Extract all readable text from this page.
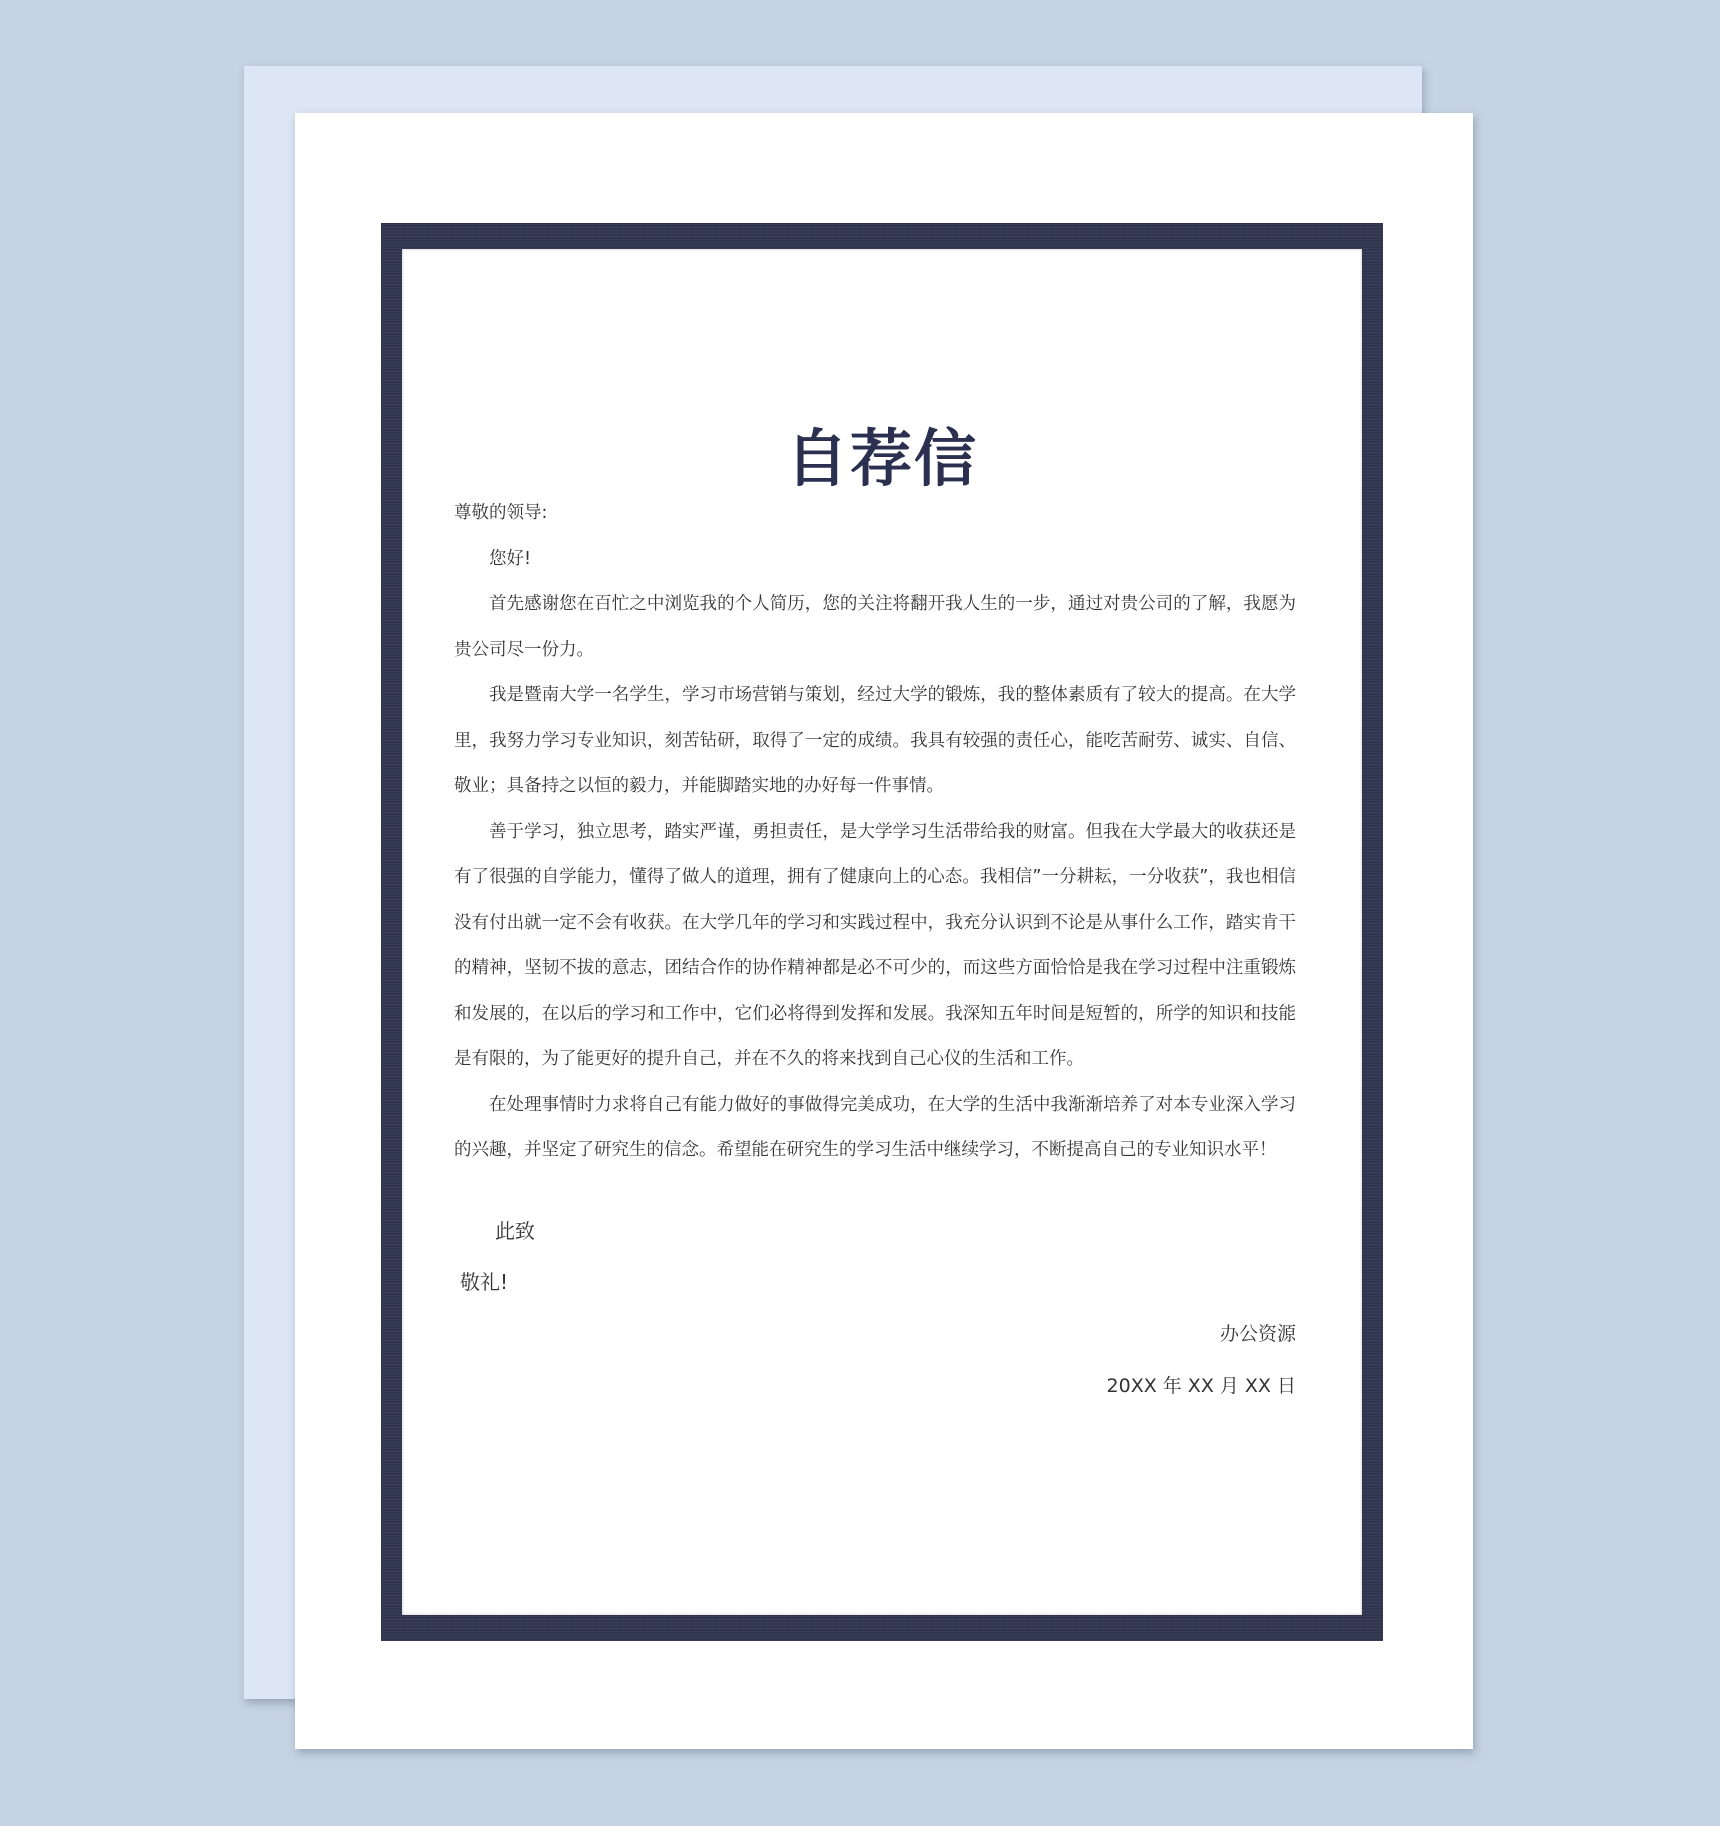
自荐信

尊敬的领导:

您好!

首先感谢您在百忙之中浏览我的个人简历，您的关注将翻开我人生的一步，通过对贵公司的了解，我愿为贵公司尽一份力。

我是暨南大学一名学生，学习市场营销与策划，经过大学的锻炼，我的整体素质有了较大的提高。在大学里，我努力学习专业知识，刻苦钻研，取得了一定的成绩。我具有较强的责任心，能吃苦耐劳、诚实、自信、敬业；具备持之以恒的毅力，并能脚踏实地的办好每一件事情。

善于学习，独立思考，踏实严谨，勇担责任，是大学学习生活带给我的财富。但我在大学最大的收获还是有了很强的自学能力，懂得了做人的道理，拥有了健康向上的心态。我相信”一分耕耘，一分收获”，我也相信没有付出就一定不会有收获。在大学几年的学习和实践过程中，我充分认识到不论是从事什么工作，踏实肯干的精神，坚韧不拔的意志，团结合作的协作精神都是必不可少的，而这些方面恰恰是我在学习过程中注重锻炼和发展的，在以后的学习和工作中，它们必将得到发挥和发展。我深知五年时间是短暂的，所学的知识和技能是有限的，为了能更好的提升自己，并在不久的将来找到自己心仪的生活和工作。

在处理事情时力求将自己有能力做好的事做得完美成功，在大学的生活中我渐渐培养了对本专业深入学习的兴趣，并坚定了研究生的信念。希望能在研究生的学习生活中继续学习，不断提高自己的专业知识水平！

此致

敬礼!

办公资源

20XX 年 XX 月 XX 日
